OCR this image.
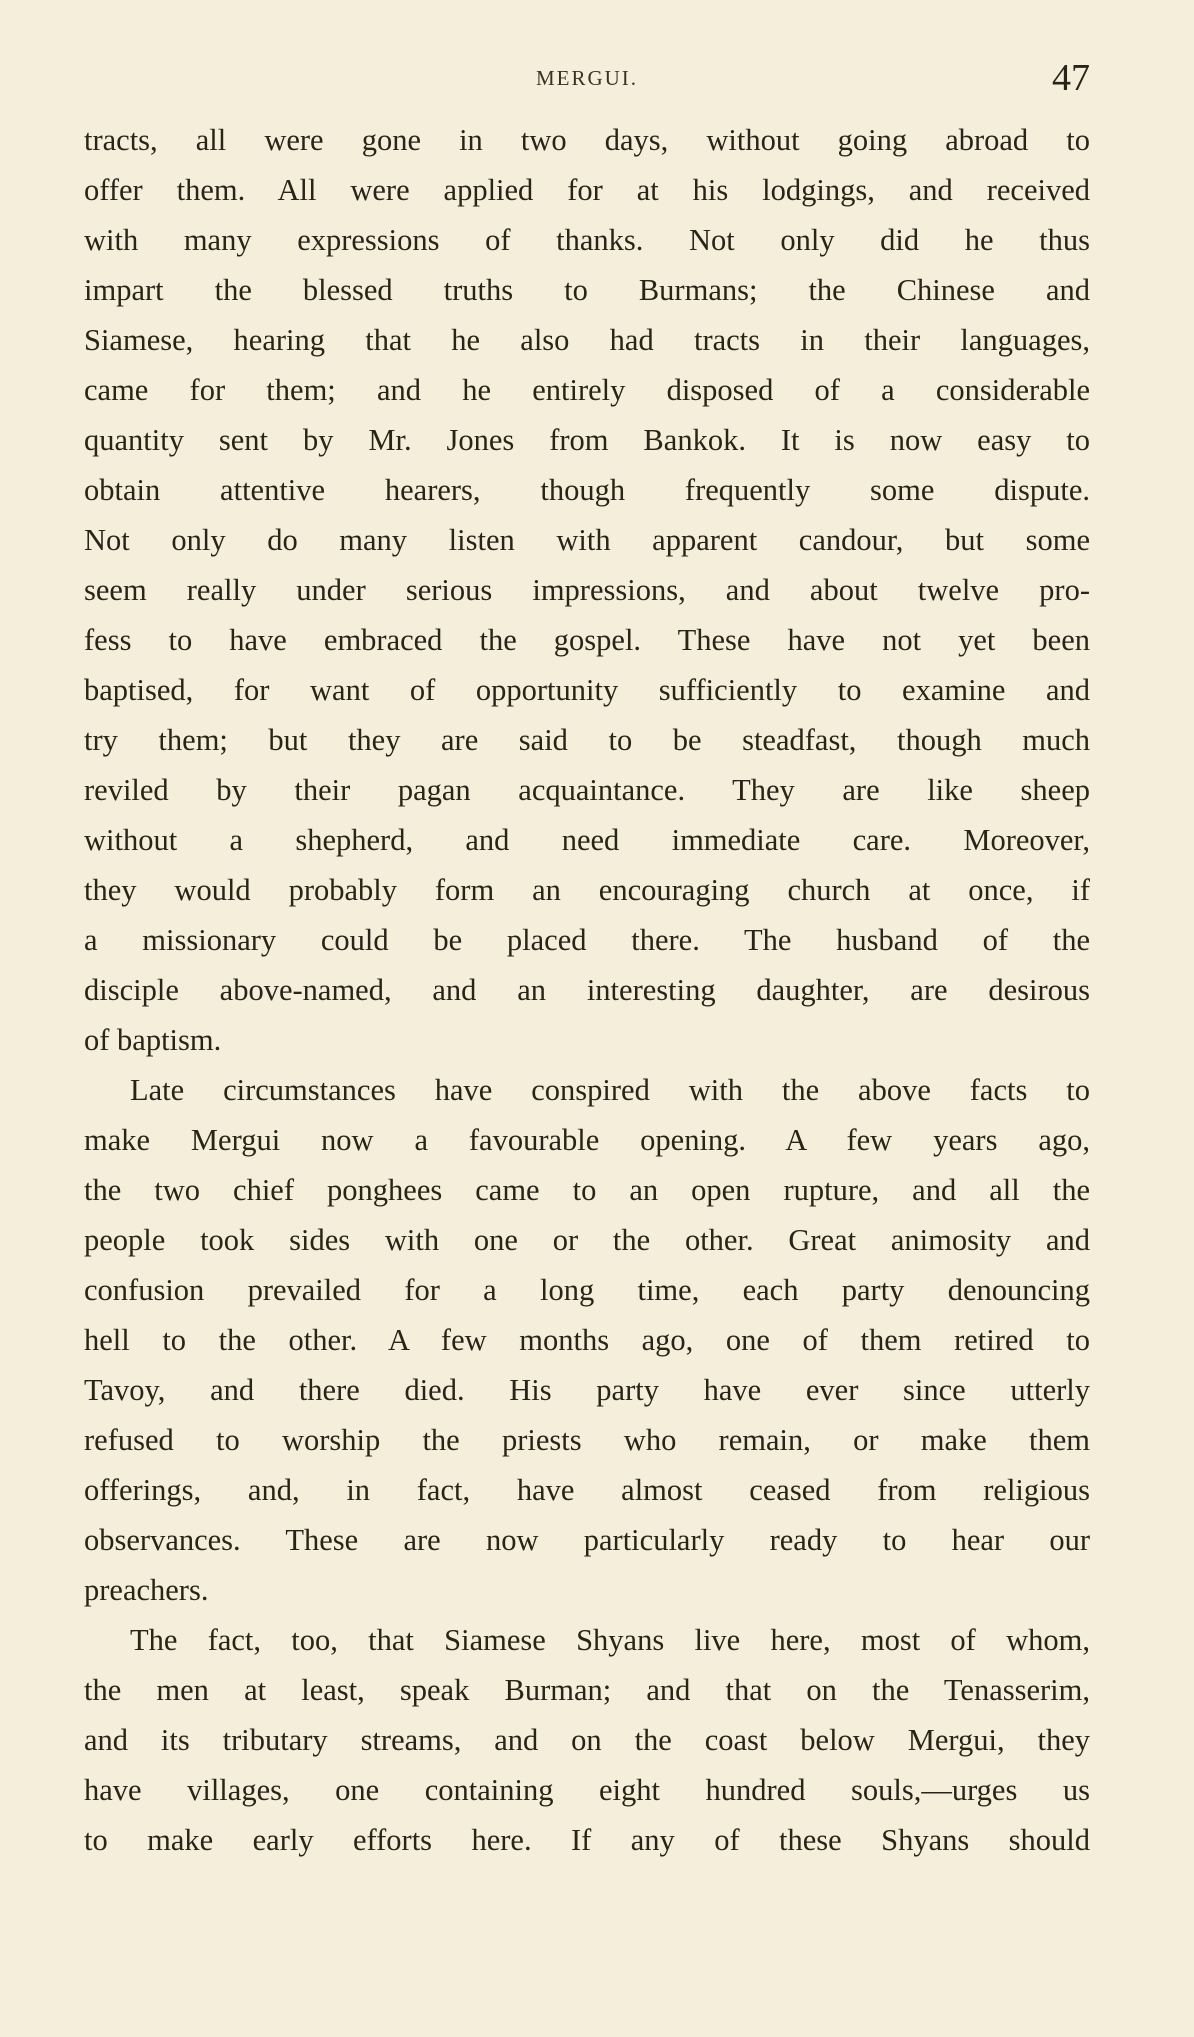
MERGUI.	47
tracts, all were gone in two days, without going abroad to
offer them. All were applied for at his lodgings, and received
with many expressions of thanks. Not only did he thus
impart the blessed truths to Burmans; the Chinese and
Siamese, hearing that he also had tracts in their languages,
came for them; and he entirely disposed of a considerable
quantity sent by Mr. Jones from Bankok. It is now easy to
obtain attentive hearers, though frequently some dispute.
Not only do many listen with apparent candour, but some
seem really under serious impressions, and about twelve pro-
fess to have embraced the gospel. These have not yet been
baptised, for want of opportunity sufficiently to examine and
try them; but they are said to be steadfast, though much
reviled by their pagan acquaintance. They are like sheep
without a shepherd, and need immediate care. Moreover,
they would probably form an encouraging church at once, if
a missionary could be placed there. The husband of the
disciple above-named, and an interesting daughter, are desirous
of baptism.
Late circumstances have conspired with the above facts to
make Mergui now a favourable opening. A few years ago,
the two chief ponghees came to an open rupture, and all the
people took sides with one or the other. Great animosity and
confusion prevailed for a long time, each party denouncing
hell to the other. A few months ago, one of them retired to
Tavoy, and there died. His party have ever since utterly
refused to worship the priests who remain, or make them
offerings, and, in fact, have almost ceased from religious
observances. These are now particularly ready to hear our
preachers.
The fact, too, that Siamese Shyans live here, most of whom,
the men at least, speak Burman; and that on the Tenasserim,
and its tributary streams, and on the coast below Mergui, they
have villages, one containing eight hundred souls,—urges us
to make early efforts here. If any of these Shyans should
